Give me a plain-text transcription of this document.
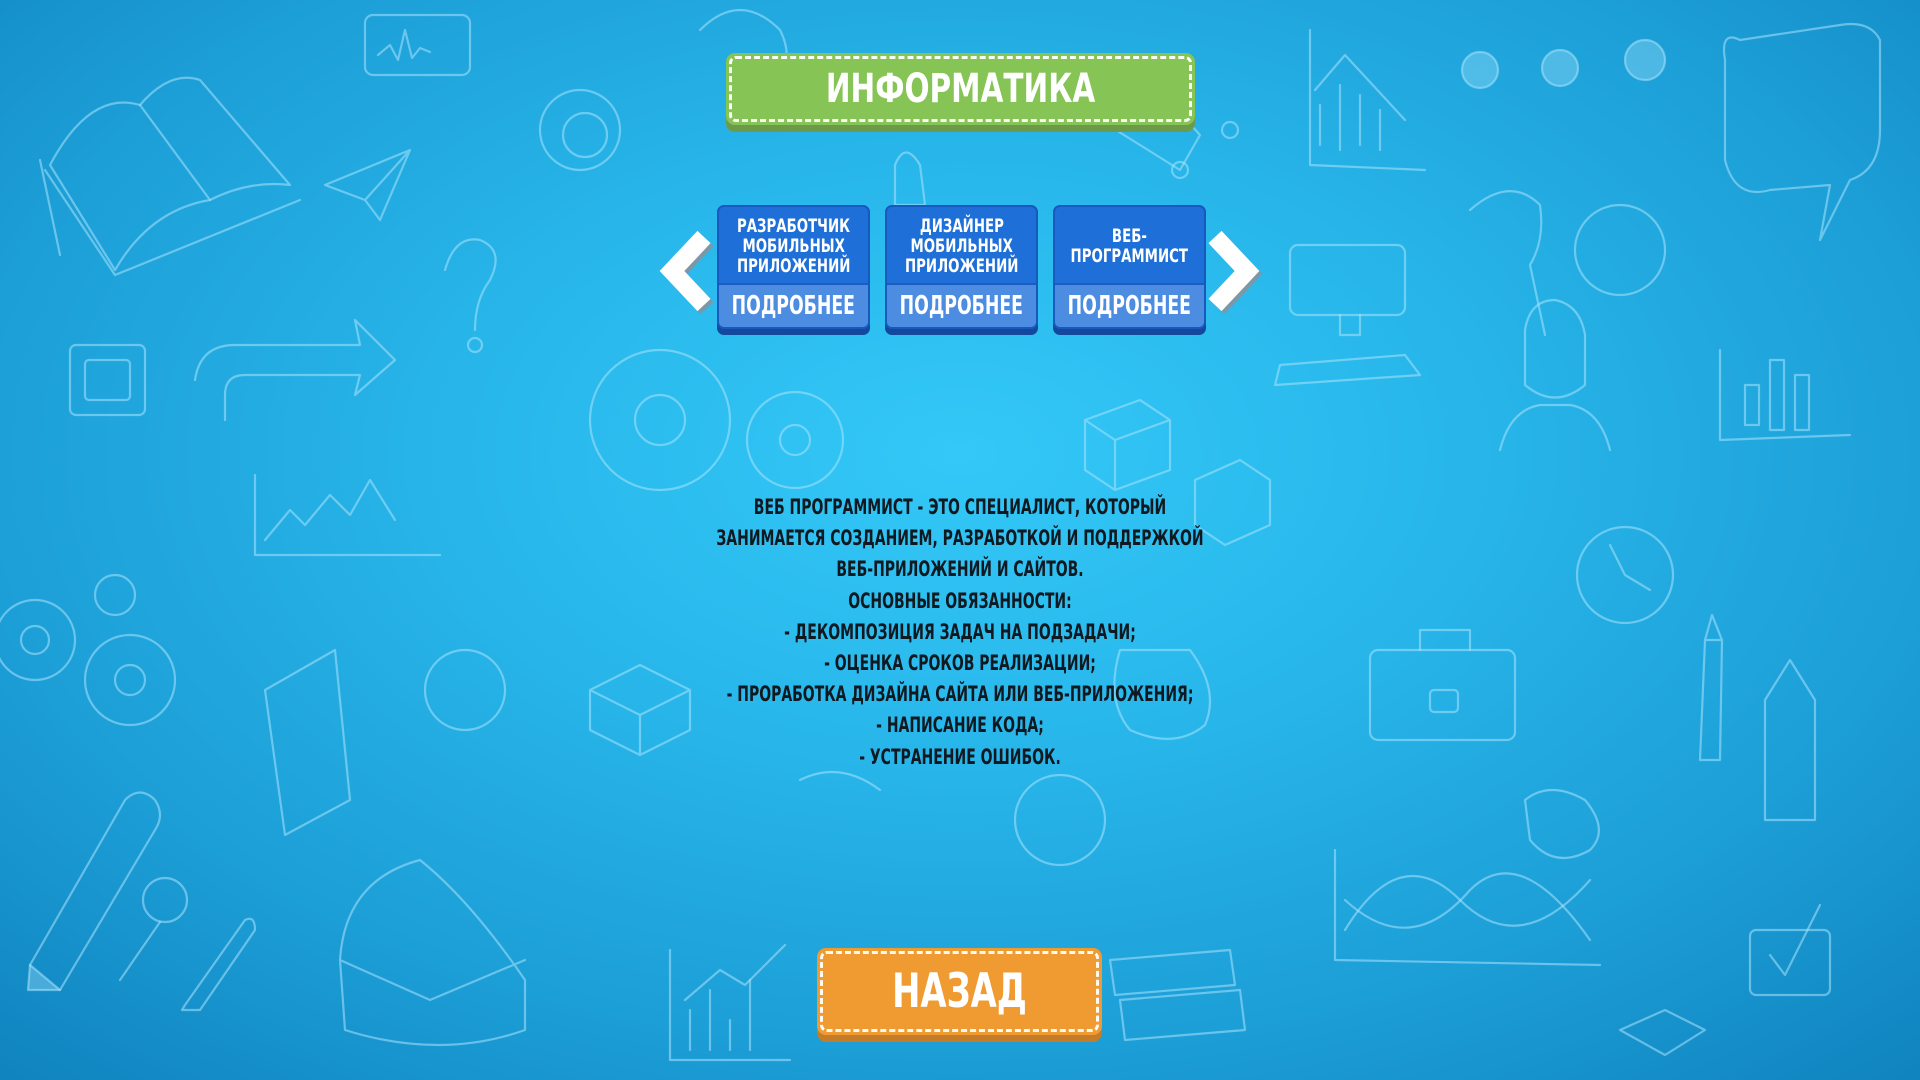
ИНФОРМАТИКА
РАЗРАБОТЧИК
МОБИЛЬНЫХ
ПРИЛОЖЕНИЙ
ПОДРОБНЕЕ
ДИЗАЙНЕР
МОБИЛЬНЫХ
ПРИЛОЖЕНИЙ
ПОДРОБНЕЕ
ВЕБ-
ПРОГРАММИСТ
ПОДРОБНЕЕ
ВЕБ ПРОГРАММИСТ - ЭТО СПЕЦИАЛИСТ, КОТОРЫЙ
ЗАНИМАЕТСЯ СОЗДАНИЕМ, РАЗРАБОТКОЙ И ПОДДЕРЖКОЙ
ВЕБ-ПРИЛОЖЕНИЙ И САЙТОВ.
ОСНОВНЫЕ ОБЯЗАННОСТИ:
- ДЕКОМПОЗИЦИЯ ЗАДАЧ НА ПОДЗАДАЧИ;
- ОЦЕНКА СРОКОВ РЕАЛИЗАЦИИ;
- ПРОРАБОТКА ДИЗАЙНА САЙТА ИЛИ ВЕБ-ПРИЛОЖЕНИЯ;
- НАПИСАНИЕ КОДА;
- УСТРАНЕНИЕ ОШИБОК.
НАЗАД
